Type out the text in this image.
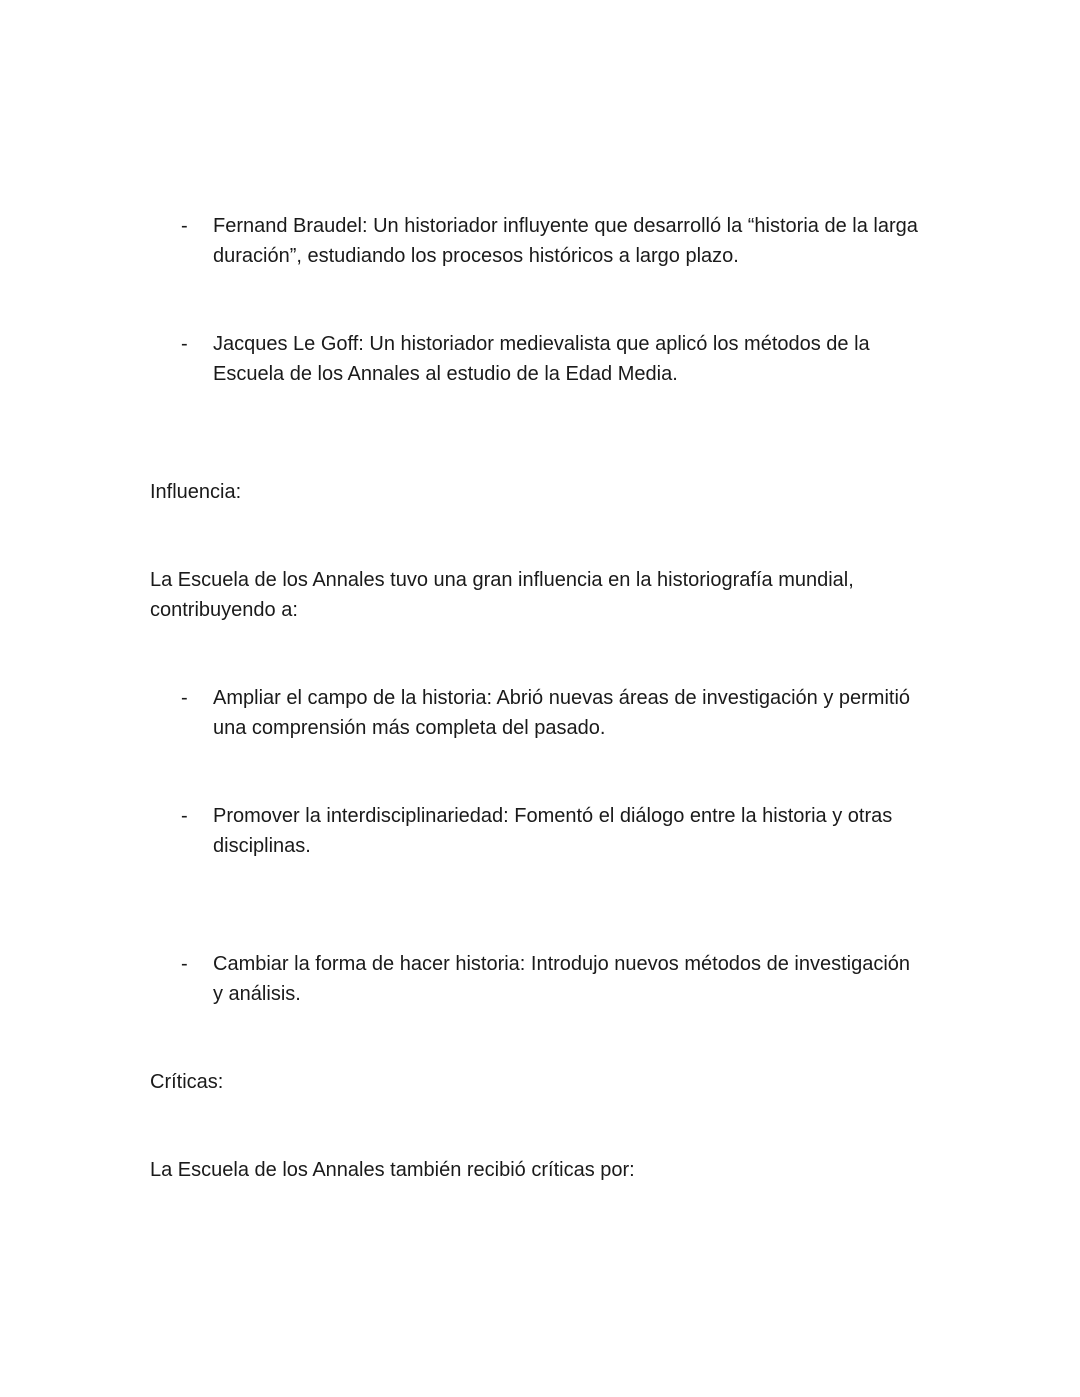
- Fernand Braudel: Un historiador influyente que desarrolló la “historia de la larga duración”, estudiando los procesos históricos a largo plazo.
- Jacques Le Goff: Un historiador medievalista que aplicó los métodos de la Escuela de los Annales al estudio de la Edad Media.
Influencia:
La Escuela de los Annales tuvo una gran influencia en la historiografía mundial, contribuyendo a:
- Ampliar el campo de la historia: Abrió nuevas áreas de investigación y permitió una comprensión más completa del pasado.
- Promover la interdisciplinariedad: Fomentó el diálogo entre la historia y otras disciplinas.
- Cambiar la forma de hacer historia: Introdujo nuevos métodos de investigación y análisis.
Críticas:
La Escuela de los Annales también recibió críticas por:
